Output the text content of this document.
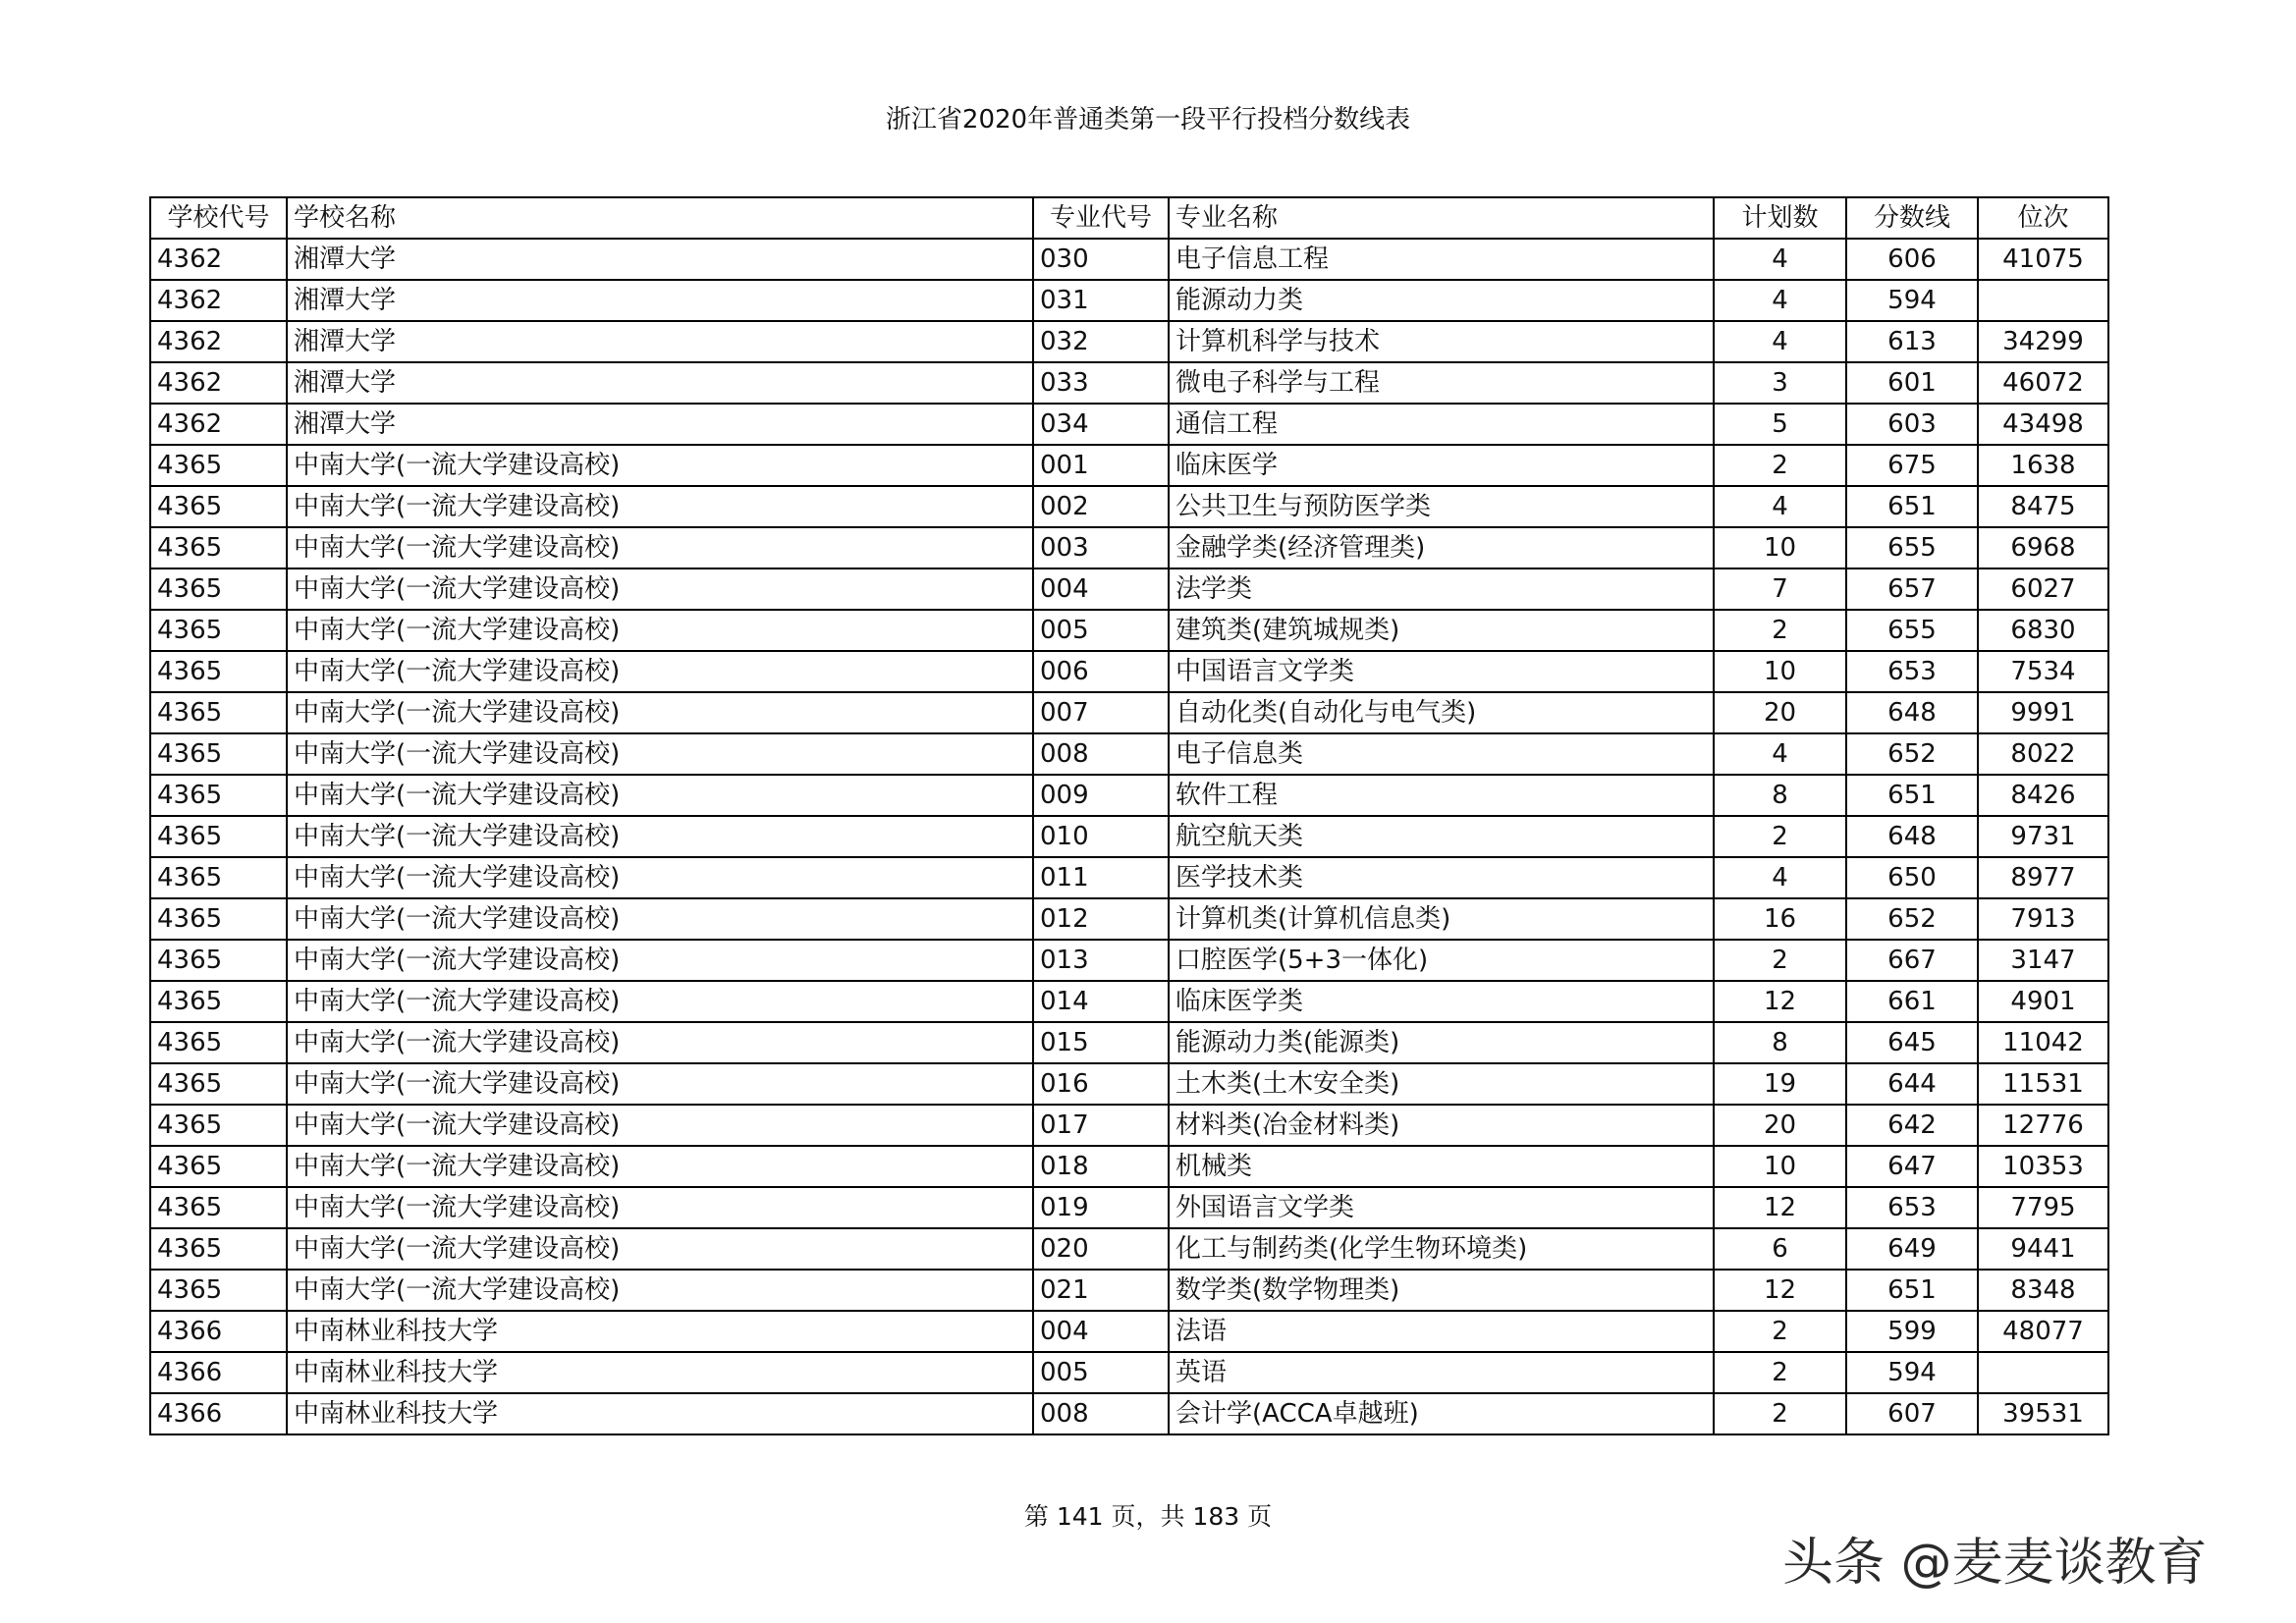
浙江省2020年普通类第一段平行投档分数线表
学校代号	学校名称	专业代号	专业名称	计划数	分数线	位次
4362	湘潭大学	030	电子信息工程	4	606	41075
4362	湘潭大学	031	能源动力类	4	594	
4362	湘潭大学	032	计算机科学与技术	4	613	34299
4362	湘潭大学	033	微电子科学与工程	3	601	46072
4362	湘潭大学	034	通信工程	5	603	43498
4365	中南大学(一流大学建设高校)	001	临床医学	2	675	1638
4365	中南大学(一流大学建设高校)	002	公共卫生与预防医学类	4	651	8475
4365	中南大学(一流大学建设高校)	003	金融学类(经济管理类)	10	655	6968
4365	中南大学(一流大学建设高校)	004	法学类	7	657	6027
4365	中南大学(一流大学建设高校)	005	建筑类(建筑城规类)	2	655	6830
4365	中南大学(一流大学建设高校)	006	中国语言文学类	10	653	7534
4365	中南大学(一流大学建设高校)	007	自动化类(自动化与电气类)	20	648	9991
4365	中南大学(一流大学建设高校)	008	电子信息类	4	652	8022
4365	中南大学(一流大学建设高校)	009	软件工程	8	651	8426
4365	中南大学(一流大学建设高校)	010	航空航天类	2	648	9731
4365	中南大学(一流大学建设高校)	011	医学技术类	4	650	8977
4365	中南大学(一流大学建设高校)	012	计算机类(计算机信息类)	16	652	7913
4365	中南大学(一流大学建设高校)	013	口腔医学(5+3一体化)	2	667	3147
4365	中南大学(一流大学建设高校)	014	临床医学类	12	661	4901
4365	中南大学(一流大学建设高校)	015	能源动力类(能源类)	8	645	11042
4365	中南大学(一流大学建设高校)	016	土木类(土木安全类)	19	644	11531
4365	中南大学(一流大学建设高校)	017	材料类(冶金材料类)	20	642	12776
4365	中南大学(一流大学建设高校)	018	机械类	10	647	10353
4365	中南大学(一流大学建设高校)	019	外国语言文学类	12	653	7795
4365	中南大学(一流大学建设高校)	020	化工与制药类(化学生物环境类)	6	649	9441
4365	中南大学(一流大学建设高校)	021	数学类(数学物理类)	12	651	8348
4366	中南林业科技大学	004	法语	2	599	48077
4366	中南林业科技大学	005	英语	2	594	
4366	中南林业科技大学	008	会计学(ACCA卓越班)	2	607	39531
第 141 页，共 183 页
头条 @麦麦谈教育
